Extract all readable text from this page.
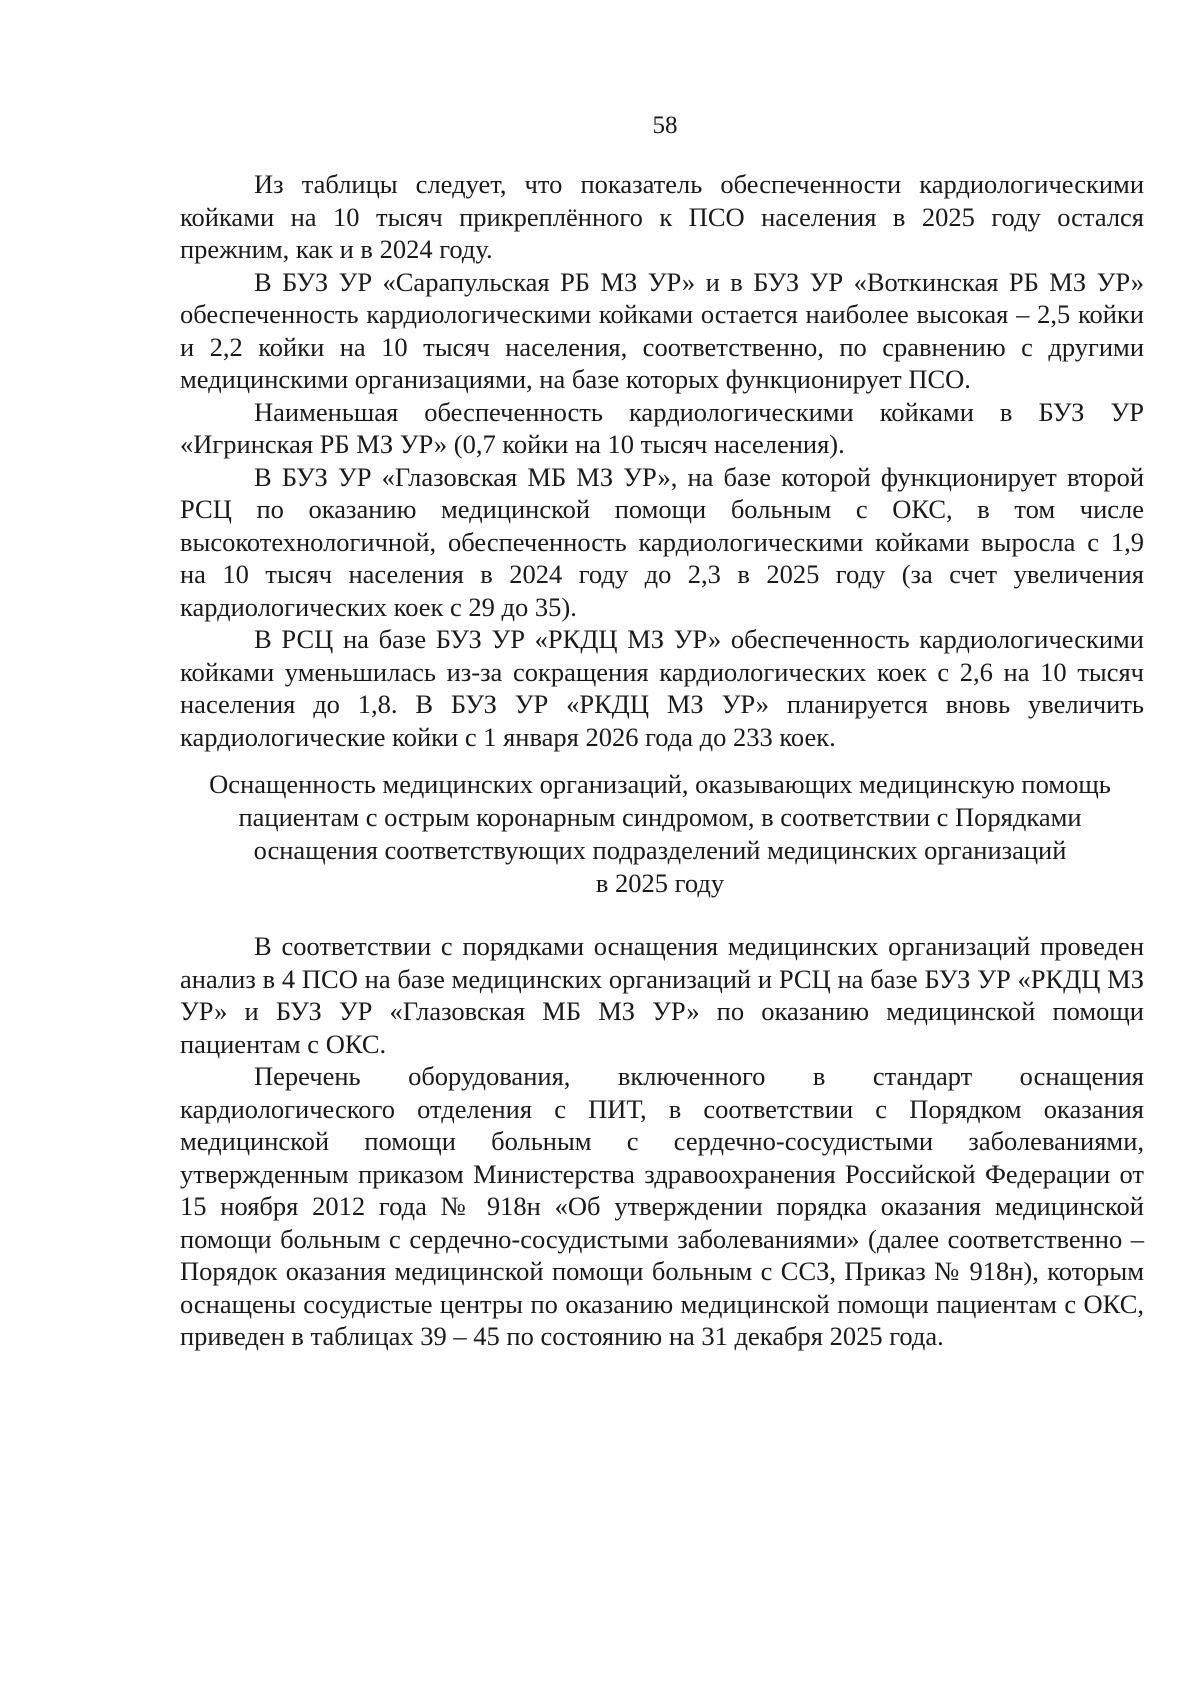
58

Из таблицы следует, что показатель обеспеченности кардиологическими койками на 10 тысяч прикреплённого к ПСО населения в 2025 году остался прежним, как и в 2024 году.

В БУЗ УР «Сарапульская РБ МЗ УР» и в БУЗ УР «Воткинская РБ МЗ УР» обеспеченность кардиологическими койками остается наиболее высокая – 2,5 койки и 2,2 койки на 10 тысяч населения, соответственно, по сравнению с другими медицинскими организациями, на базе которых функционирует ПСО.

Наименьшая обеспеченность кардиологическими койками в БУЗ УР «Игринская РБ МЗ УР» (0,7 койки на 10 тысяч населения).

В БУЗ УР «Глазовская МБ МЗ УР», на базе которой функционирует второй РСЦ по оказанию медицинской помощи больным с ОКС, в том числе высокотехнологичной, обеспеченность кардиологическими койками выросла с 1,9 на 10 тысяч населения в 2024 году до 2,3 в 2025 году (за счет увеличения кардиологических коек с 29 до 35).

В РСЦ на базе БУЗ УР «РКДЦ МЗ УР» обеспеченность кардиологическими койками уменьшилась из-за сокращения кардиологических коек с 2,6 на 10 тысяч населения до 1,8. В БУЗ УР «РКДЦ МЗ УР» планируется вновь увеличить кардиологические койки с 1 января 2026 года до 233 коек.

Оснащенность медицинских организаций, оказывающих медицинскую помощь
пациентам с острым коронарным синдромом, в соответствии с Порядками
оснащения соответствующих подразделений медицинских организаций
в 2025 году

В соответствии с порядками оснащения медицинских организаций проведен анализ в 4 ПСО на базе медицинских организаций и РСЦ на базе БУЗ УР «РКДЦ МЗ УР» и БУЗ УР «Глазовская МБ МЗ УР» по оказанию медицинской помощи пациентам с ОКС.

Перечень оборудования, включенного в стандарт оснащения кардиологического отделения с ПИТ, в соответствии с Порядком оказания медицинской помощи больным с сердечно-сосудистыми заболеваниями, утвержденным приказом Министерства здравоохранения Российской Федерации от 15 ноября 2012 года № 918н «Об утверждении порядка оказания медицинской помощи больным с сердечно-сосудистыми заболеваниями» (далее соответственно – Порядок оказания медицинской помощи больным с ССЗ, Приказ № 918н), которым оснащены сосудистые центры по оказанию медицинской помощи пациентам с ОКС, приведен в таблицах 39 – 45 по состоянию на 31 декабря 2025 года.
